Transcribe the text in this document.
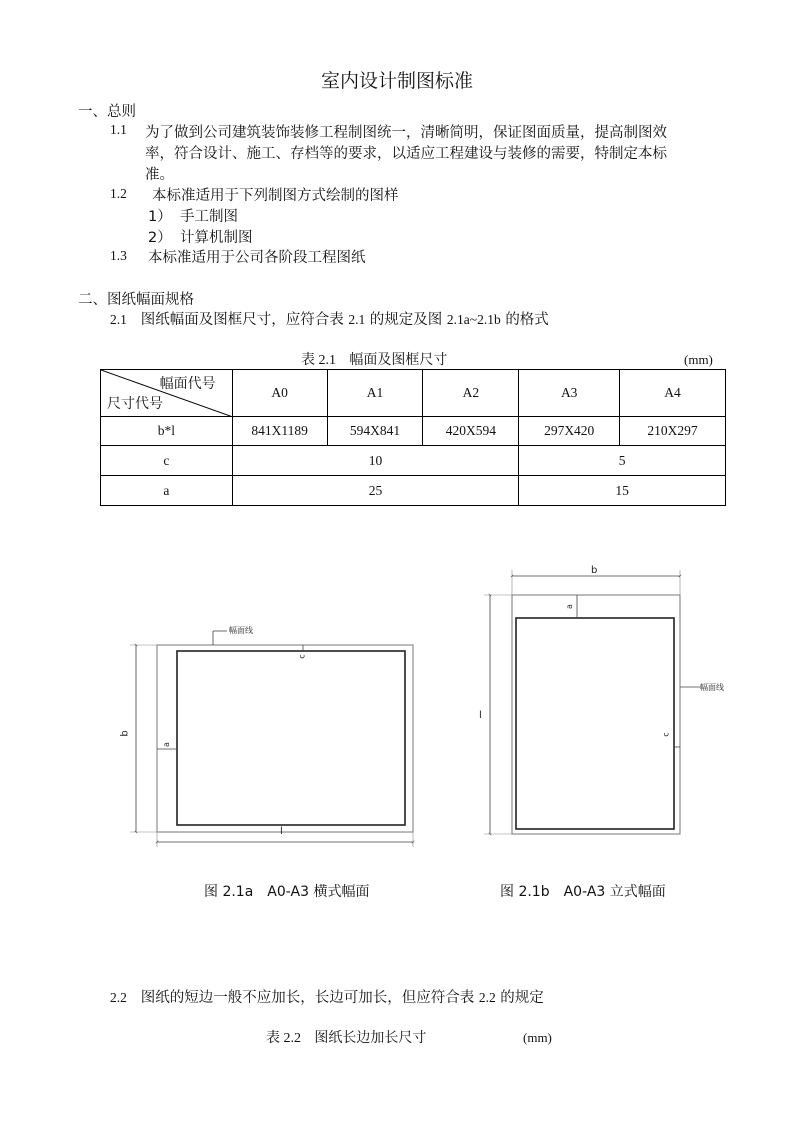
室内设计制图标准
一、总则
1.1 为了做到公司建筑装饰装修工程制图统一，清晰简明，保证图面质量，提高制图效
率，符合设计、施工、存档等的要求，以适应工程建设与装修的需要，特制定本标
准。
1.2 本标准适用于下列制图方式绘制的图样
1） 手工制图
2） 计算机制图
1.3 本标准适用于公司各阶段工程图纸
二、图纸幅面规格
2.1 图纸幅面及图框尺寸，应符合表 2.1 的规定及图 2.1a~2.1b 的格式
表 2.1 幅面及图框尺寸	(mm)
幅面代号
尺寸代号	A0	A1	A2	A3	A4
b*l	841X1189	594X841	420X594	297X420	210X297
c	10			5	
a	25			15	
幅面线
b
l
a
c
b
l
a
c
幅面线
图 2.1a　A0-A3 横式幅面	图 2.1b　A0-A3 立式幅面
2.2 图纸的短边一般不应加长，长边可加长，但应符合表 2.2 的规定
表 2.2 图纸长边加长尺寸	(mm)
